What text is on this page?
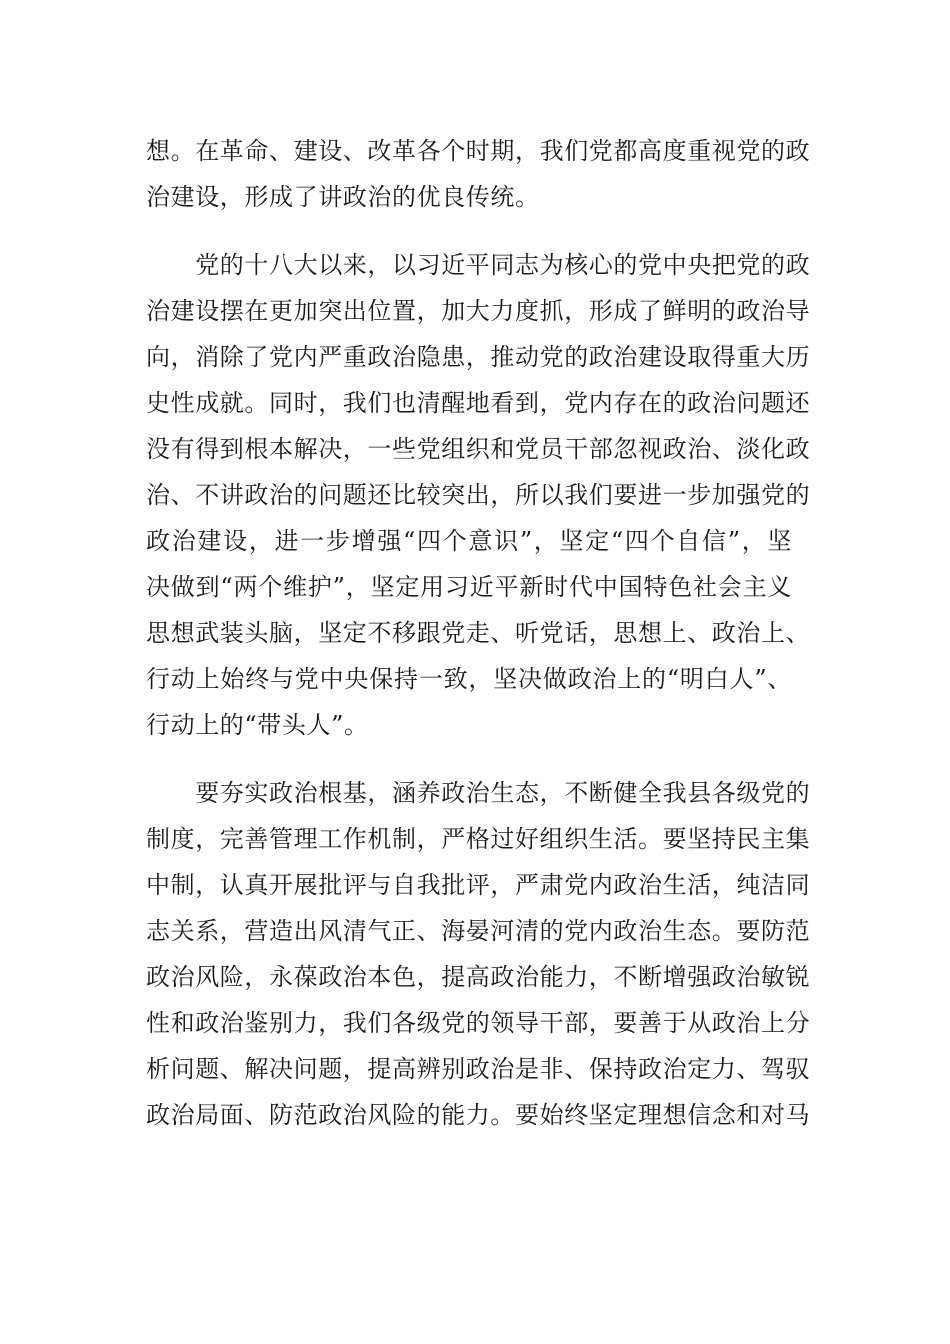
想。在革命、建设、改革各个时期，我们党都高度重视党的政
治建设，形成了讲政治的优良传统。
　　党的十八大以来，以习近平同志为核心的党中央把党的政
治建设摆在更加突出位置，加大力度抓，形成了鲜明的政治导
向，消除了党内严重政治隐患，推动党的政治建设取得重大历
史性成就。同时，我们也清醒地看到，党内存在的政治问题还
没有得到根本解决，一些党组织和党员干部忽视政治、淡化政
治、不讲政治的问题还比较突出，所以我们要进一步加强党的
政治建设，进一步增强“四个意识”，坚定“四个自信”，坚
决做到“两个维护”，坚定用习近平新时代中国特色社会主义
思想武装头脑，坚定不移跟党走、听党话，思想上、政治上、
行动上始终与党中央保持一致，坚决做政治上的“明白人”、
行动上的“带头人”。
　　要夯实政治根基，涵养政治生态，不断健全我县各级党的
制度，完善管理工作机制，严格过好组织生活。要坚持民主集
中制，认真开展批评与自我批评，严肃党内政治生活，纯洁同
志关系，营造出风清气正、海晏河清的党内政治生态。要防范
政治风险，永葆政治本色，提高政治能力，不断增强政治敏锐
性和政治鉴别力，我们各级党的领导干部，要善于从政治上分
析问题、解决问题，提高辨别政治是非、保持政治定力、驾驭
政治局面、防范政治风险的能力。要始终坚定理想信念和对马
